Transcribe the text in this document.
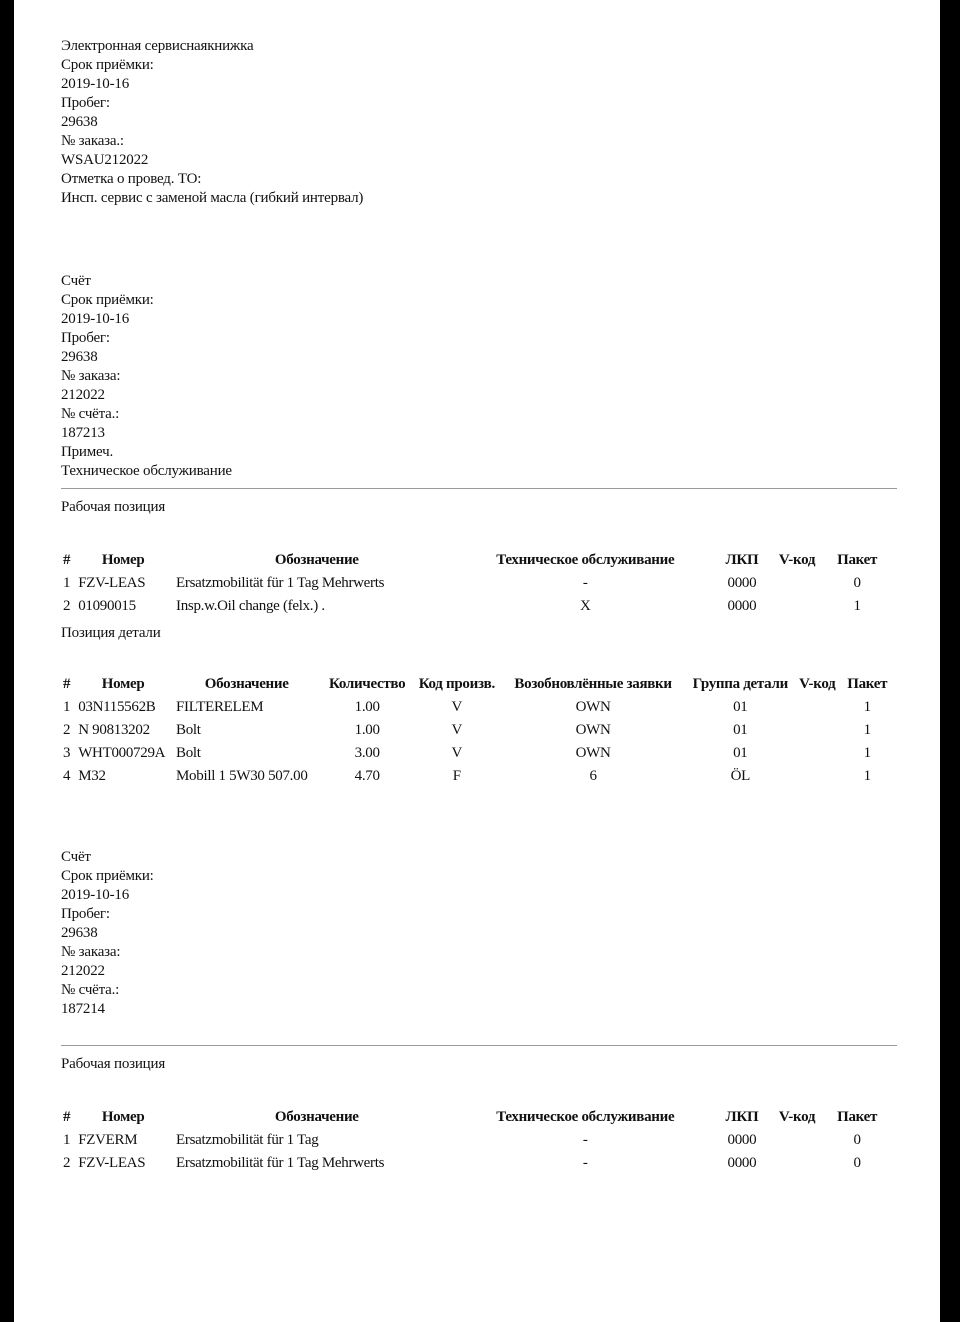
Электронная сервиснаякнижка
Срок приёмки:
2019-10-16
Пробег:
29638
№ заказа.:
WSAU212022
Отметка о провед. ТО:
Инсп. сервис с заменой масла (гибкий интервал)
Счёт
Срок приёмки:
2019-10-16
Пробег:
29638
№ заказа:
212022
№ счёта.:
187213
Примеч.
Техническое обслуживание
Рабочая позиция
#	Номер	Обозначение	Техническое обслуживание	ЛКП	V-код	Пакет
1	FZV-LEAS	Ersatzmobilität für 1 Tag Mehrwerts	-	0000		0
2	01090015	Insp.w.Oil change (felx.) .	X	0000		1
Позиция детали
#	Номер	Обозначение	Количество	Код произв.	Возобновлённые заявки	Группа детали	V-код	Пакет
1	03N115562B	FILTERELEM	1.00	V	OWN	01		1
2	N 90813202	Bolt	1.00	V	OWN	01		1
3	WHT000729A	Bolt	3.00	V	OWN	01		1
4	M32	Mobill 1 5W30 507.00	4.70	F	6	ÖL		1
Счёт
Срок приёмки:
2019-10-16
Пробег:
29638
№ заказа:
212022
№ счёта.:
187214
Рабочая позиция
#	Номер	Обозначение	Техническое обслуживание	ЛКП	V-код	Пакет
1	FZVERM	Ersatzmobilität für 1 Tag	-	0000		0
2	FZV-LEAS	Ersatzmobilität für 1 Tag Mehrwerts	-	0000		0
